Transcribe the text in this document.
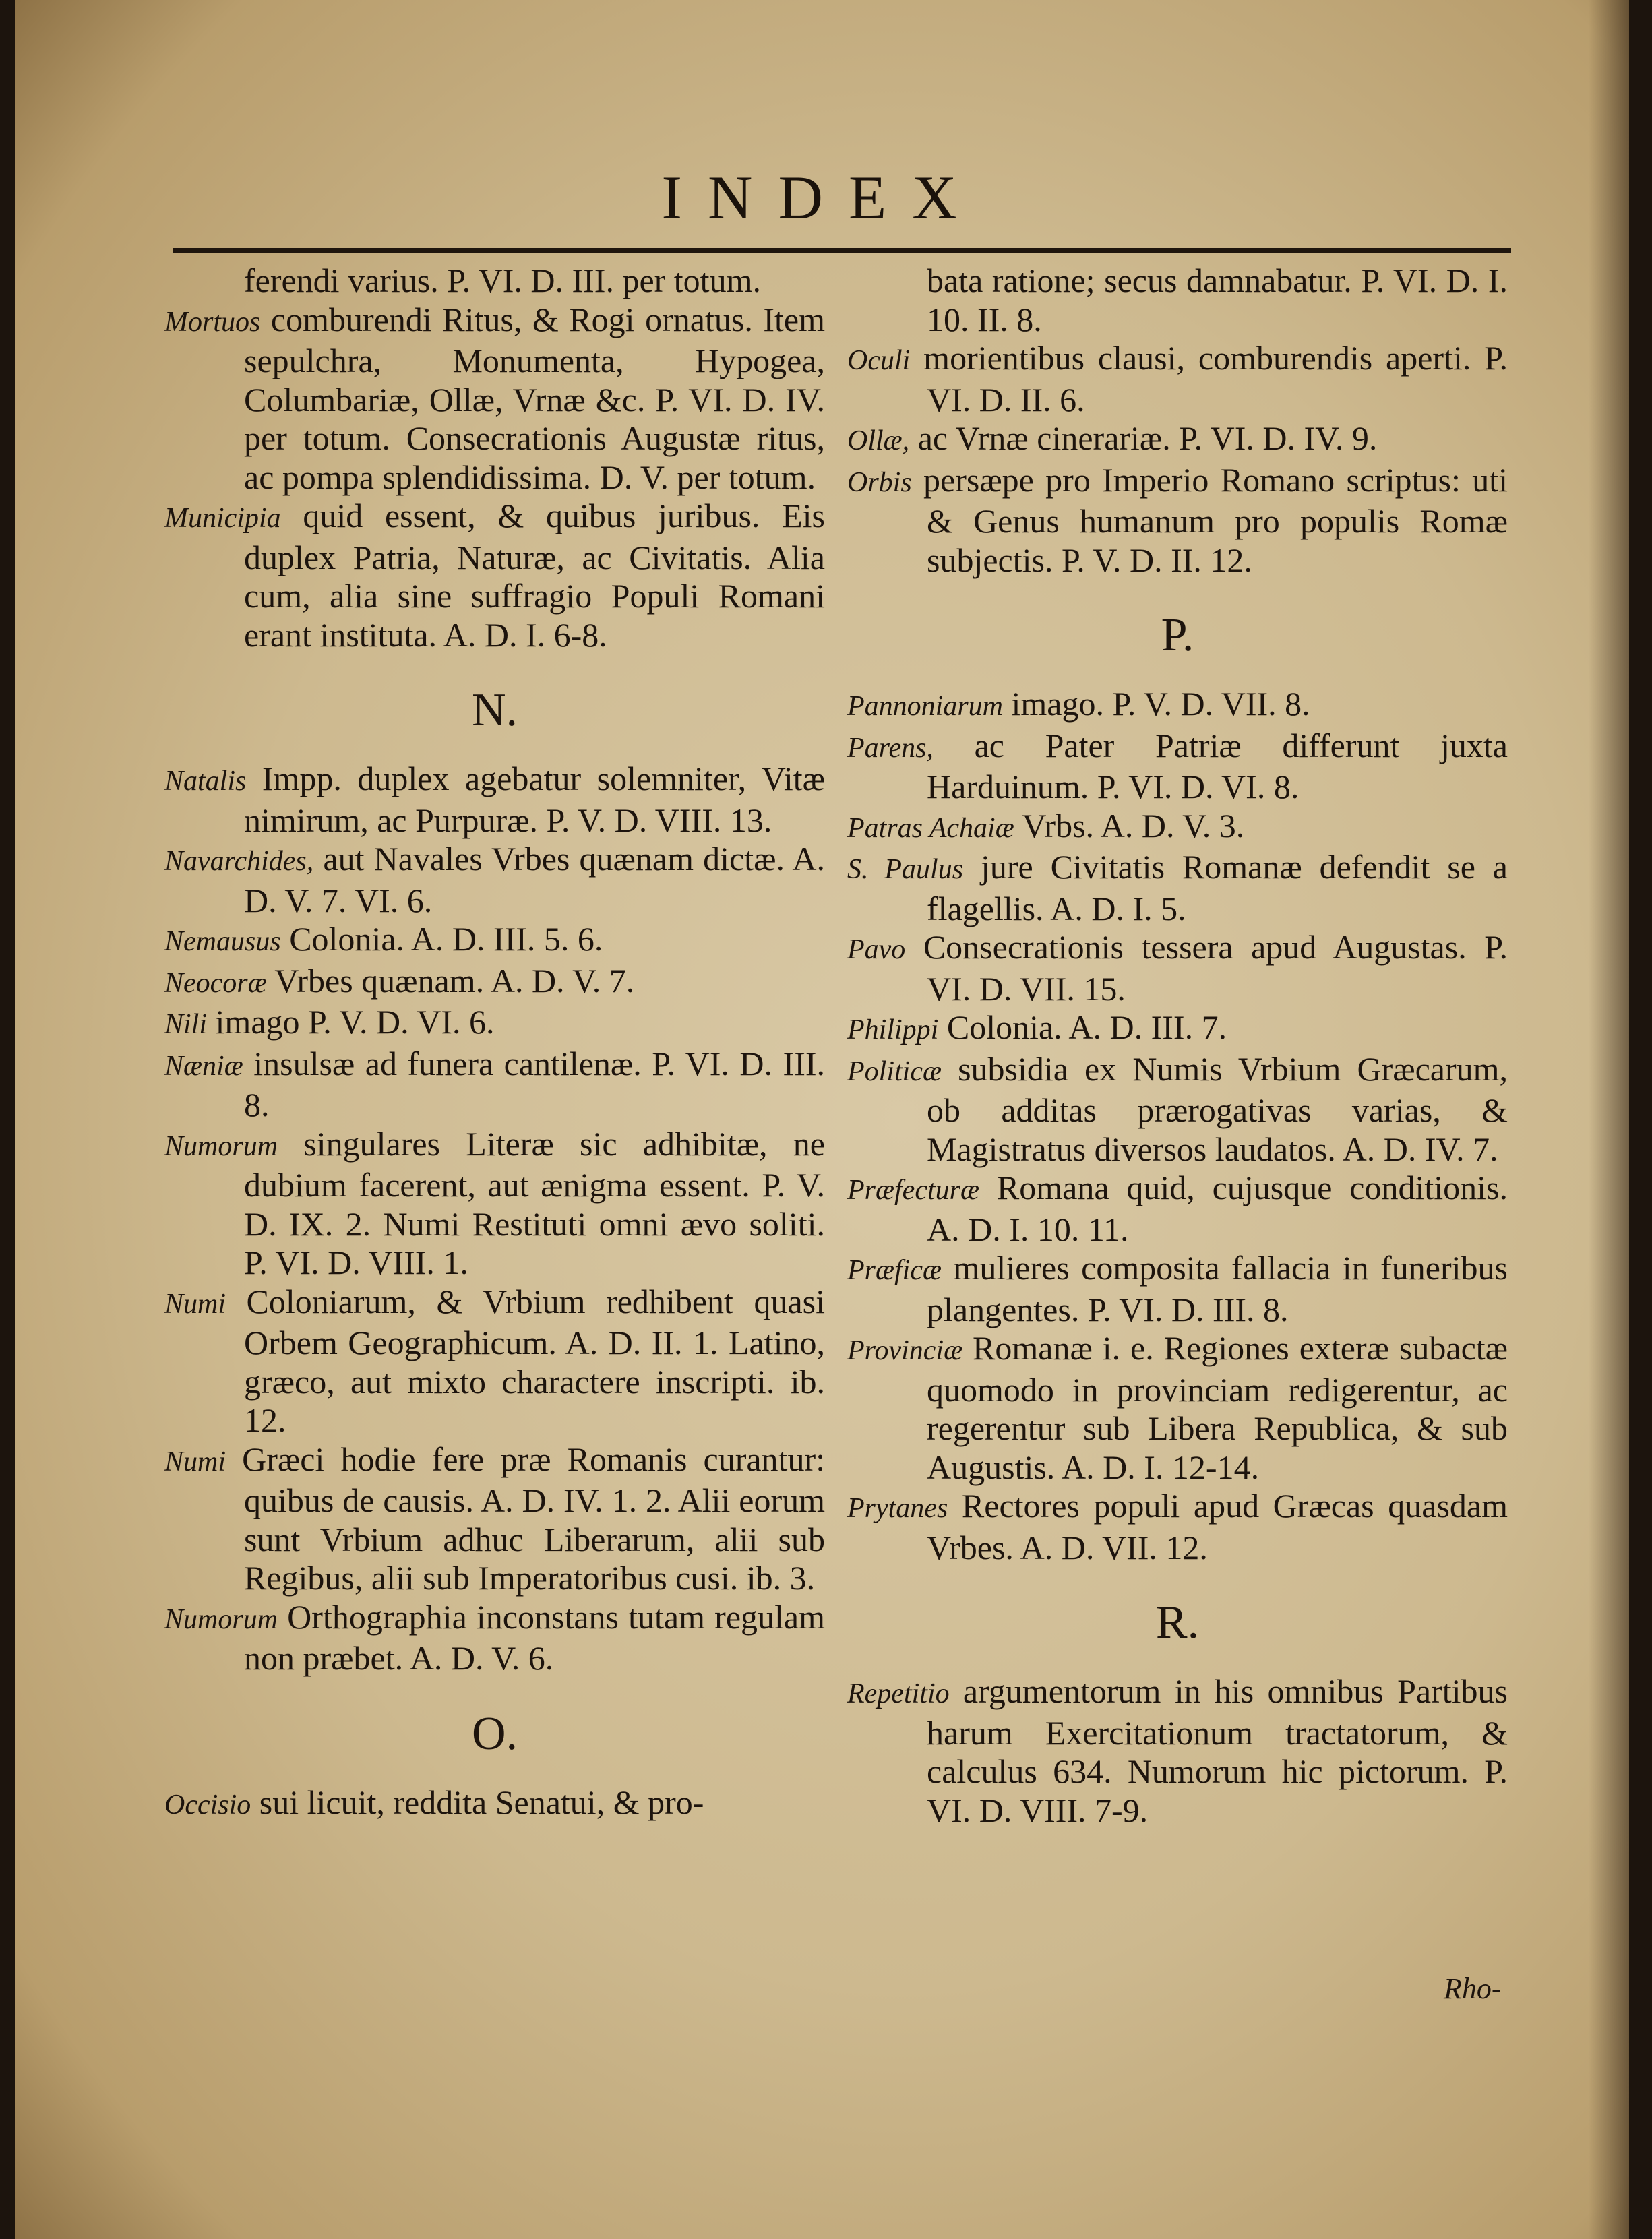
INDEX
ferendi varius. P. VI. D. III. per totum.
Mortuos comburendi Ritus, & Rogi ornatus. Item sepulchra, Monumenta, Hypogea, Columbariæ, Ollæ, Vrnæ &c. P. VI. D. IV. per totum. Consecrationis Augustæ ritus, ac pompa splendidissima. D. V. per totum.
Municipia quid essent, & quibus juribus. Eis duplex Patria, Naturæ, ac Civitatis. Alia cum, alia sine suffragio Populi Romani erant instituta. A. D. I. 6-8.
N.
Natalis Impp. duplex agebatur solemniter, Vitæ nimirum, ac Purpuræ. P. V. D. VIII. 13.
Navarchides, aut Navales Vrbes quænam dictæ. A. D. V. 7. VI. 6.
Nemausus Colonia. A. D. III. 5. 6.
Neocoræ Vrbes quænam. A. D. V. 7.
Nili imago P. V. D. VI. 6.
Næniæ insulsæ ad funera cantilenæ. P. VI. D. III. 8.
Numorum singulares Literæ sic adhibitæ, ne dubium facerent, aut ænigma essent. P. V. D. IX. 2. Numi Restituti omni ævo soliti. P. VI. D. VIII. 1.
Numi Coloniarum, & Vrbium redhibent quasi Orbem Geographicum. A. D. II. 1. Latino, græco, aut mixto charactere inscripti. ib. 12.
Numi Græci hodie fere præ Romanis curantur: quibus de causis. A. D. IV. 1. 2. Alii eorum sunt Vrbium adhuc Liberarum, alii sub Regibus, alii sub Imperatoribus cusi. ib. 3.
Numorum Orthographia inconstans tutam regulam non præbet. A. D. V. 6.
O.
Occisio sui licuit, reddita Senatui, & pro-
bata ratione; secus damnabatur. P. VI. D. I. 10. II. 8.
Oculi morientibus clausi, comburendis aperti. P. VI. D. II. 6.
Ollæ, ac Vrnæ cinerariæ. P. VI. D. IV. 9.
Orbis persæpe pro Imperio Romano scriptus: uti & Genus humanum pro populis Romæ subjectis. P. V. D. II. 12.
P.
Pannoniarum imago. P. V. D. VII. 8.
Parens, ac Pater Patriæ differunt juxta Harduinum. P. VI. D. VI. 8.
Patras Achaiæ Vrbs. A. D. V. 3.
S. Paulus jure Civitatis Romanæ defendit se a flagellis. A. D. I. 5.
Pavo Consecrationis tessera apud Augustas. P. VI. D. VII. 15.
Philippi Colonia. A. D. III. 7.
Politicæ subsidia ex Numis Vrbium Græcarum, ob additas prærogativas varias, & Magistratus diversos laudatos. A. D. IV. 7.
Præfecturæ Romana quid, cujusque conditionis. A. D. I. 10. 11.
Præficæ mulieres composita fallacia in funeribus plangentes. P. VI. D. III. 8.
Provinciæ Romanæ i. e. Regiones exteræ subactæ quomodo in provinciam redigerentur, ac regerentur sub Libera Republica, & sub Augustis. A. D. I. 12-14.
Prytanes Rectores populi apud Græcas quasdam Vrbes. A. D. VII. 12.
R.
Repetitio argumentorum in his omnibus Partibus harum Exercitationum tractatorum, & calculus 634. Numorum hic pictorum. P. VI. D. VIII. 7-9.
Rho-
